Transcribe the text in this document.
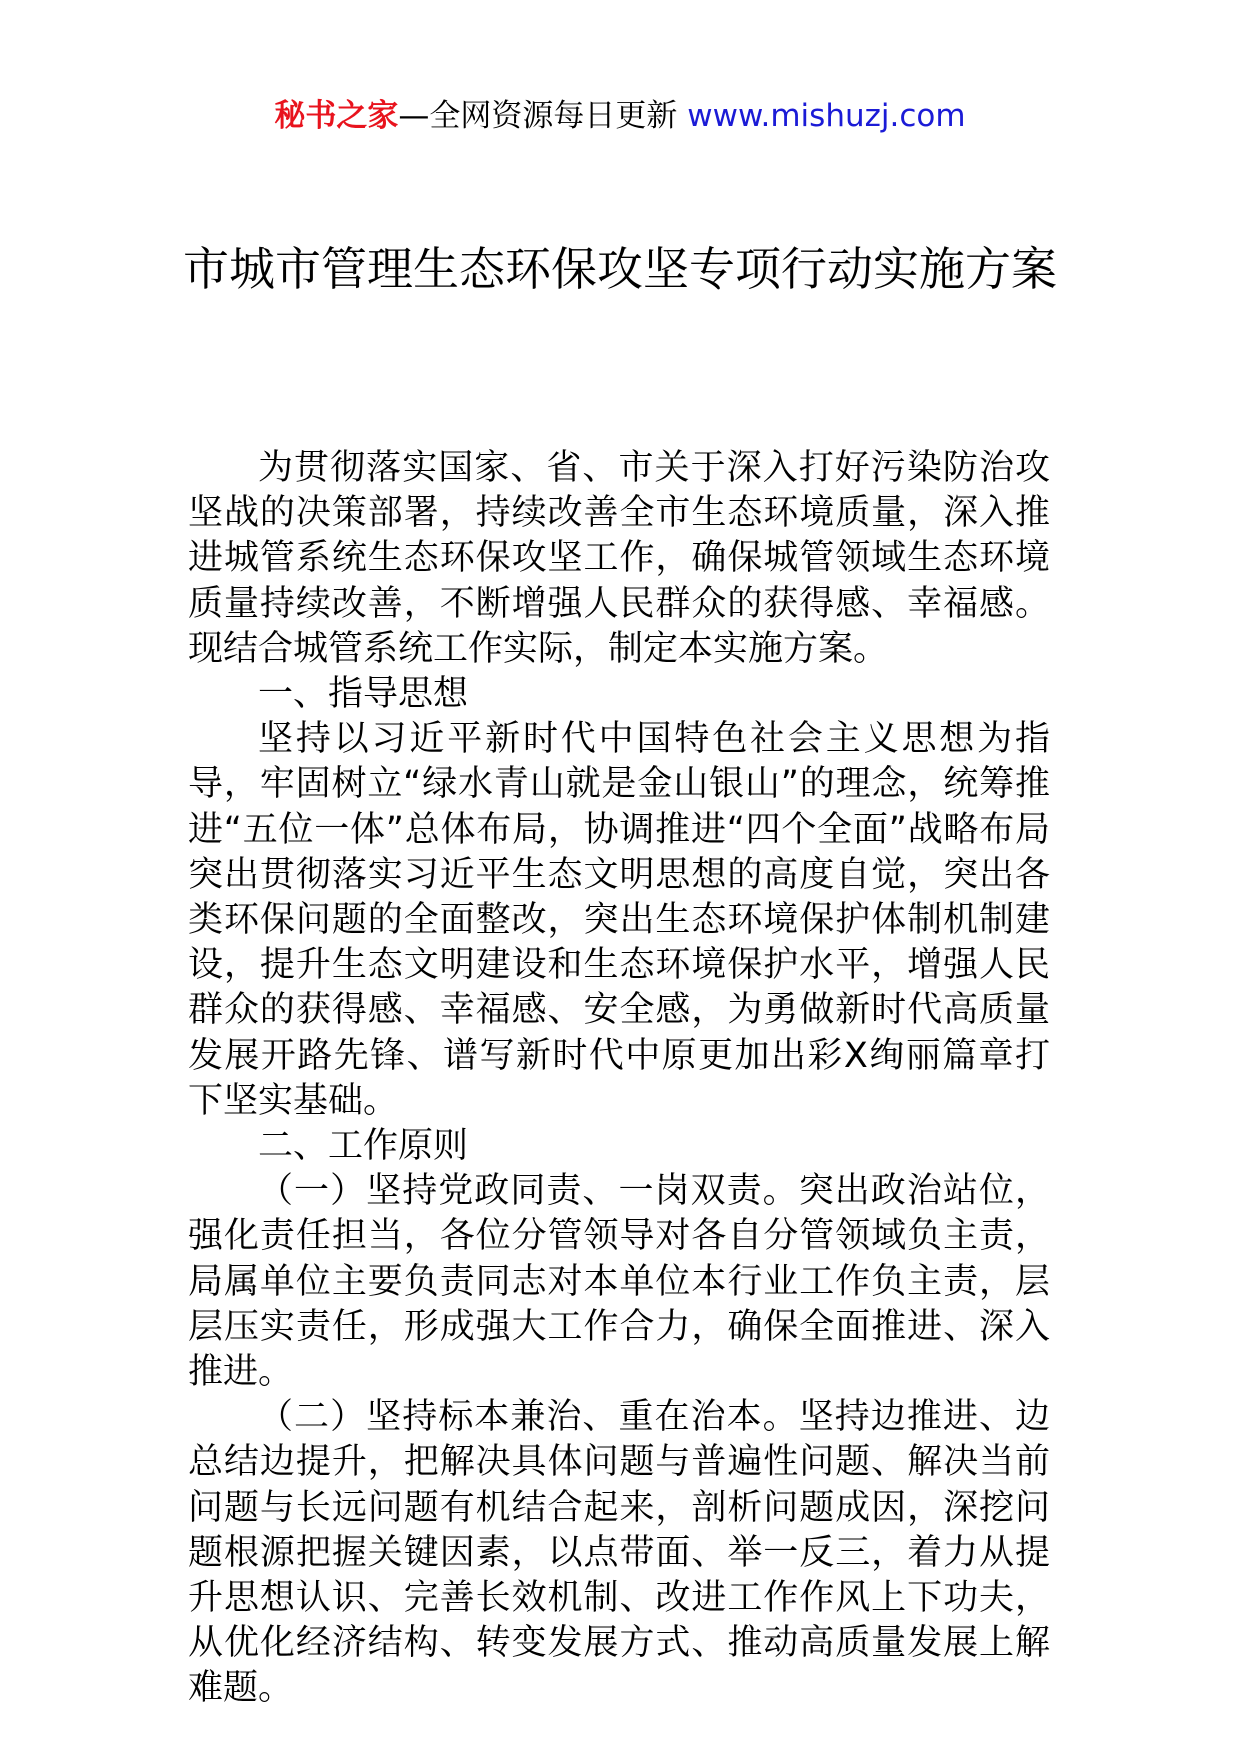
秘书之家—全网资源每日更新 www.mishuzj.com
市城市管理生态环保攻坚专项行动实施方案

为贯彻落实国家、省、市关于深入打好污染防治攻坚战的决策部署，持续改善全市生态环境质量，深入推进城管系统生态环保攻坚工作，确保城管领域生态环境质量持续改善，不断增强人民群众的获得感、幸福感。现结合城管系统工作实际，制定本实施方案。

一、指导思想

坚持以习近平新时代中国特色社会主义思想为指导，牢固树立“绿水青山就是金山银山”的理念，统筹推进“五位一体”总体布局，协调推进“四个全面”战略布局突出贯彻落实习近平生态文明思想的高度自觉，突出各类环保问题的全面整改，突出生态环境保护体制机制建设，提升生态文明建设和生态环境保护水平，增强人民群众的获得感、幸福感、安全感，为勇做新时代高质量发展开路先锋、谱写新时代中原更加出彩X绚丽篇章打下坚实基础。

二、工作原则

（一）坚持党政同责、一岗双责。突出政治站位，强化责任担当，各位分管领导对各自分管领域负主责，局属单位主要负责同志对本单位本行业工作负主责，层层压实责任，形成强大工作合力，确保全面推进、深入推进。

（二）坚持标本兼治、重在治本。坚持边推进、边总结边提升，把解决具体问题与普遍性问题、解决当前问题与长远问题有机结合起来，剖析问题成因，深挖问题根源把握关键因素，以点带面、举一反三，着力从提升思想认识、完善长效机制、改进工作作风上下功夫，从优化经济结构、转变发展方式、推动高质量发展上解难题。
